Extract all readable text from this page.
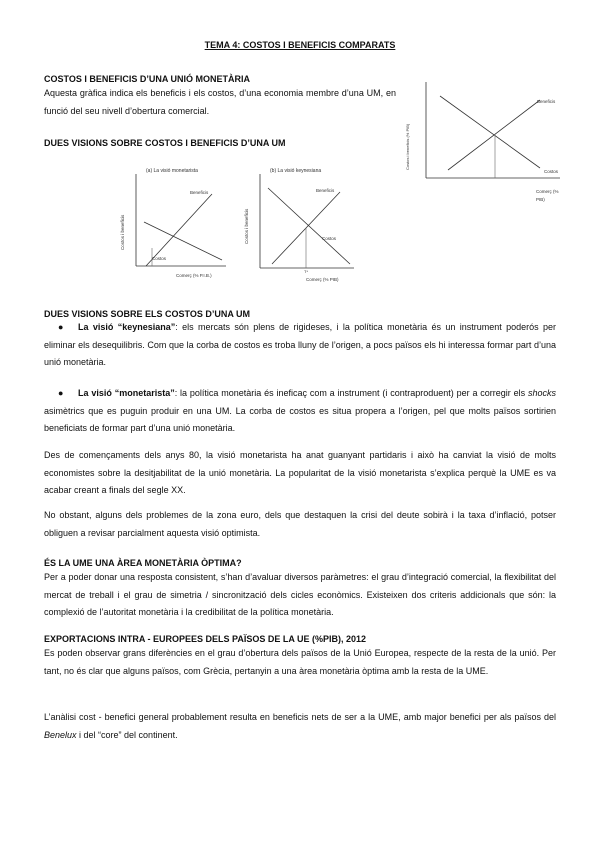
TEMA 4: COSTOS I BENEFICIS COMPARATS
COSTOS I BENEFICIS D’UNA UNIÓ MONETÀRIA
Aquesta gràfica indica els beneficis i els costos, d’una economia membre d’una UM, en funció del seu nivell d’obertura comercial.
Costos i beneficis (% PIB)
Beneficis
Costos
Comerç (%
PIB)
DUES VISIONS SOBRE COSTOS I BENEFICIS D’UNA UM
(a) La visió monetarista
Costos i beneficis
Beneficis
Costos
Comerç (% P.I.B.)
(b) La visió keynesiana
Costos i beneficis
Beneficis
Costos
T*
Comerç (% PIB)
DUES VISIONS SOBRE ELS COSTOS D’UNA UM
● La visió “keynesiana”: els mercats són plens de rigideses, i la política monetària és un instrument poderós per eliminar els desequilibris. Com que la corba de costos es troba lluny de l’origen, a pocs països els hi interessa formar part d’una unió monetària.
● La visió “monetarista”: la política monetària és ineficaç com a instrument (i contraproduent) per a corregir els shocks asimètrics que es puguin produir en una UM. La corba de costos es situa propera a l’origen, pel que molts països sortirien beneficiats de formar part d’una unió monetària.
Des de començaments dels anys 80, la visió monetarista ha anat guanyant partidaris i això ha canviat la visió de molts economistes sobre la desitjabilitat de la unió monetària. La popularitat de la visió monetarista s’explica perquè la UME es va acabar creant a finals del segle XX.
No obstant, alguns dels problemes de la zona euro, dels que destaquen la crisi del deute sobirà i la taxa d’inflació, potser obliguen a revisar parcialment aquesta visió optimista.
ÉS LA UME UNA ÀREA MONETÀRIA ÒPTIMA?
Per a poder donar una resposta consistent, s’han d’avaluar diversos paràmetres: el grau d’integració comercial, la flexibilitat del mercat de treball i el grau de simetria / sincronització dels cicles econòmics. Existeixen dos criteris addicionals que són: la complexió de l’autoritat monetària i la credibilitat de la política monetària.
EXPORTACIONS INTRA - EUROPEES DELS PAÏSOS DE LA UE (%PIB), 2012
Es poden observar grans diferències en el grau d’obertura dels països de la Unió Europea, respecte de la resta de la unió. Per tant, no és clar que alguns països, com Grècia, pertanyin a una àrea monetària òptima amb la resta de la UME.
L’anàlisi cost - benefici general probablement resulta en beneficis nets de ser a la UME, amb major benefici per als països del Benelux i del “core” del continent.
